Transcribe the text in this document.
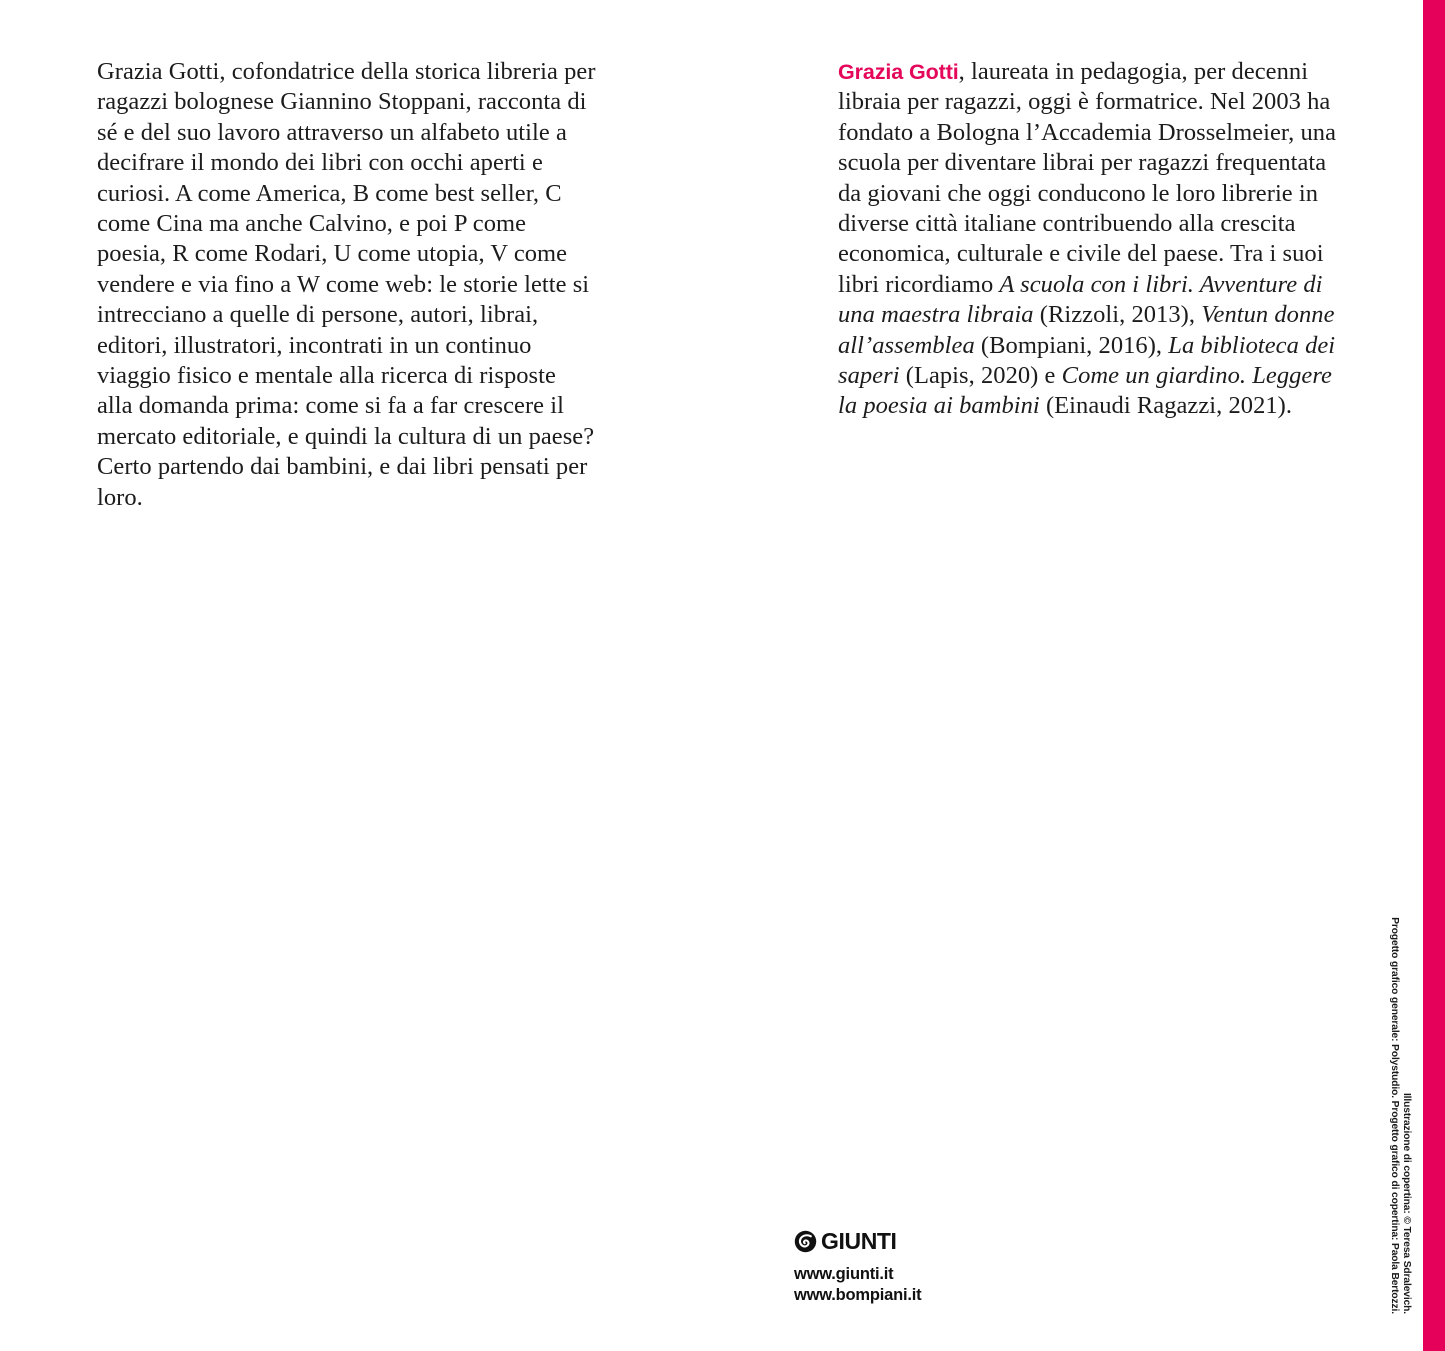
Grazia Gotti, cofondatrice della storica libreria per ragazzi bolognese Giannino Stoppani, racconta di sé e del suo lavoro attraverso un alfabeto utile a decifrare il mondo dei libri con occhi aperti e curiosi. A come America, B come best seller, C come Cina ma anche Calvino, e poi P come poesia, R come Rodari, U come utopia, V come vendere e via fino a W come web: le storie lette si intrecciano a quelle di persone, autori, librai, editori, illustratori, incontrati in un continuo viaggio fisico e mentale alla ricerca di risposte alla domanda prima: come si fa a far crescere il mercato editoriale, e quindi la cultura di un paese? Certo partendo dai bambini, e dai libri pensati per loro.
Grazia Gotti, laureata in pedagogia, per decenni libraia per ragazzi, oggi è formatrice. Nel 2003 ha fondato a Bologna l’Accademia Drosselmeier, una scuola per diventare librai per ragazzi frequentata da giovani che oggi conducono le loro librerie in diverse città italiane contribuendo alla crescita economica, culturale e civile del paese. Tra i suoi libri ricordiamo A scuola con i libri. Avventure di una maestra libraia (Rizzoli, 2013), Ventun donne all’assemblea (Bompiani, 2016), La biblioteca dei saperi (Lapis, 2020) e Come un giardino. Leggere la poesia ai bambini (Einaudi Ragazzi, 2021).
GIUNTI
www.giunti.it
www.bompiani.it	Illustrazione di copertina: © Teresa Sdralevich.
Progetto grafico generale: Polystudio. Progetto grafico di copertina: Paola Bertozzi.
